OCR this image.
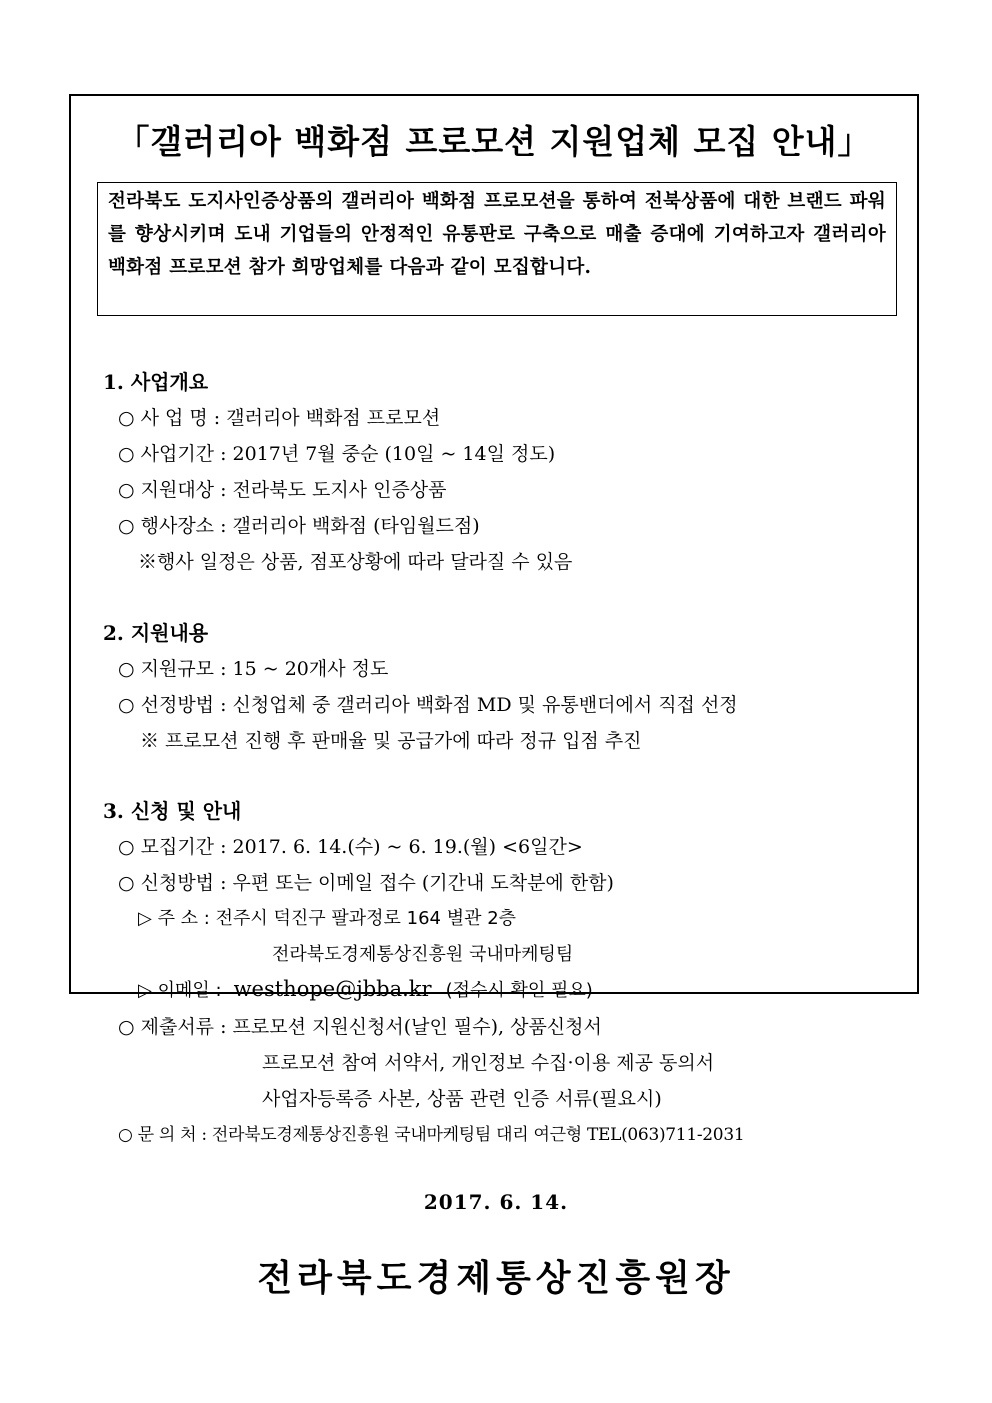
「갤러리아 백화점 프로모션 지원업체 모집 안내」
전라북도 도지사인증상품의 갤러리아 백화점 프로모션을 통하여 전북상품에 대한 브랜드 파워를 향상시키며 도내 기업들의 안정적인 유통판로 구축으로 매출 증대에 기여하고자 갤러리아 백화점 프로모션 참가 희망업체를 다음과 같이 모집합니다.
1. 사업개요
○ 사 업 명 : 갤러리아 백화점 프로모션
○ 사업기간 : 2017년 7월 중순 (10일 ~ 14일 정도)
○ 지원대상 : 전라북도 도지사 인증상품
○ 행사장소 : 갤러리아 백화점 (타임월드점)
※행사 일정은 상품, 점포상황에 따라 달라질 수 있음
2. 지원내용
○ 지원규모 : 15 ~ 20개사 정도
○ 선정방법 : 신청업체 중 갤러리아 백화점 MD 및 유통밴더에서 직접 선정
※ 프로모션 진행 후 판매율 및 공급가에 따라 정규 입점 추진
3. 신청 및 안내
○ 모집기간 : 2017. 6. 14.(수) ~ 6. 19.(월) <6일간>
○ 신청방법 : 우편 또는 이메일 접수 (기간내 도착분에 한함)
▷ 주 소 : 전주시 덕진구 팔과정로 164 별관 2층
전라북도경제통상진흥원 국내마케팅팀
▷ 이메일 : westhope@jbba.kr (접수시 확인 필요)
○ 제출서류 : 프로모션 지원신청서(날인 필수), 상품신청서
프로모션 참여 서약서, 개인정보 수집·이용 제공 동의서
사업자등록증 사본, 상품 관련 인증 서류(필요시)
○ 문 의 처 : 전라북도경제통상진흥원 국내마케팅팀 대리 여근형 TEL(063)711-2031
2017. 6. 14.
전라북도경제통상진흥원장
